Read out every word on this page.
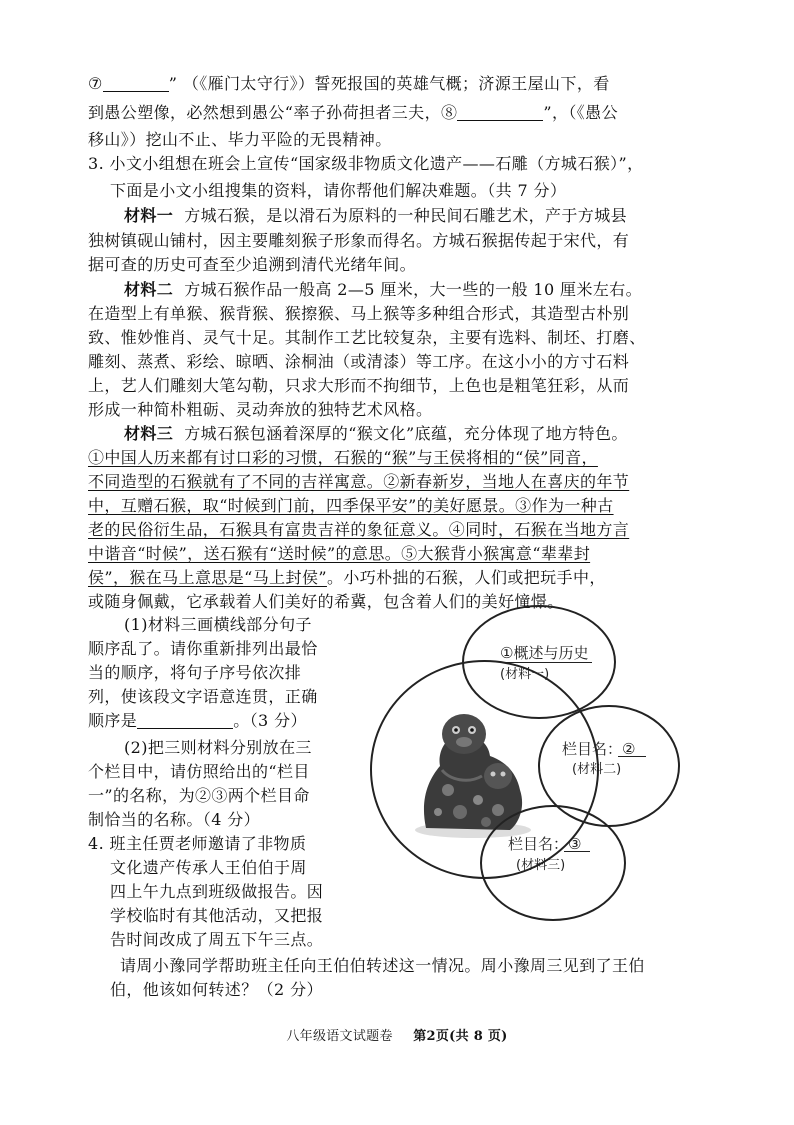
⑦	” （《雁门太守行》）誓死报国的英雄气概；济源王屋山下，看
到愚公塑像，必然想到愚公“率子孙荷担者三夫，⑧	”，（《愚公
移山》）挖山不止、毕力平险的无畏精神。
3. 小文小组想在班会上宣传“国家级非物质文化遗产——石雕（方城石猴）”，
下面是小文小组搜集的资料，请你帮他们解决难题。（共 7 分）
材料一 方城石猴，是以滑石为原料的一种民间石雕艺术，产于方城县
独树镇砚山铺村，因主要雕刻猴子形象而得名。方城石猴据传起于宋代，有
据可查的历史可查至少追溯到清代光绪年间。
材料二 方城石猴作品一般高 2—5 厘米，大一些的一般 10 厘米左右。
在造型上有单猴、猴背猴、猴擦猴、马上猴等多种组合形式，其造型古朴别
致、惟妙惟肖、灵气十足。其制作工艺比较复杂，主要有选料、制坯、打磨、
雕刻、蒸煮、彩绘、晾晒、涂桐油（或清漆）等工序。在这小小的方寸石料
上，艺人们雕刻大笔勾勒，只求大形而不拘细节，上色也是粗笔狂彩，从而
形成一种简朴粗砺、灵动奔放的独特艺术风格。
材料三 方城石猴包涵着深厚的“猴文化”底蕴，充分体现了地方特色。
①中国人历来都有讨口彩的习惯，石猴的“猴”与王侯将相的“侯”同音，
不同造型的石猴就有了不同的吉祥寓意。②新春新岁，当地人在喜庆的年节
中，互赠石猴，取“时候到门前，四季保平安”的美好愿景。③作为一种古
老的民俗衍生品，石猴具有富贵吉祥的象征意义。④同时，石猴在当地方言
中谐音“时候”，送石猴有“送时候”的意思。⑤大猴背小猴寓意“辈辈封
侯”，猴在马上意思是“马上封侯”。小巧朴拙的石猴，人们或把玩手中，
或随身佩戴，它承载着人们美好的希冀，包含着人们的美好憧憬。
(1)材料三画横线部分句子
顺序乱了。请你重新排列出最恰
当的顺序，将句子序号依次排
列，使该段文字语意连贯，正确
顺序是	。（3 分）
(2)把三则材料分别放在三
个栏目中，请仿照给出的“栏目
一”的名称，为②③两个栏目命
制恰当的名称。（4 分）
4. 班主任贾老师邀请了非物质
文化遗产传承人王伯伯于周
四上午九点到班级做报告。因
学校临时有其他活动，又把报
告时间改成了周五下午三点。
请周小豫同学帮助班主任向王伯伯转述这一情况。周小豫周三见到了王伯
伯，他该如何转述？（2 分）
①概述与历史
(材料一)
栏目名：②
(材料二)
栏目名：③
(材料三)
八年级语文试题卷 第2页(共 8 页)
